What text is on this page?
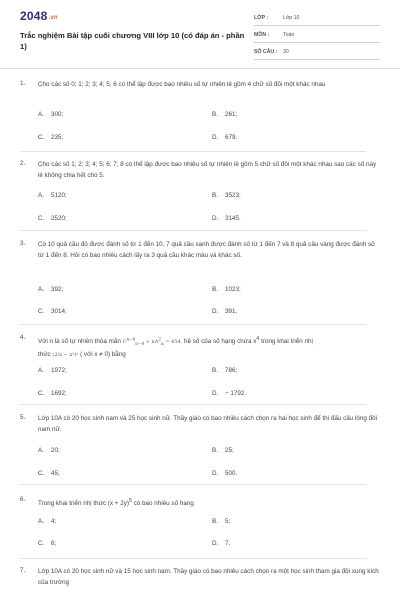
2048.vn
Trắc nghiệm Bài tập cuối chương VIII lớp 10 (có đáp án - phần 1)
LỚP :	Lớp 10
MÔN :	Toán
SỐ CÂU : 30
1. Cho các số 0; 1; 2; 3; 4; 5; 6 có thể lập được bao nhiêu số tự nhiên lẻ gồm 4 chữ số đôi một khác nhau
A. 300;	B. 261;
C. 235;	D. 679.
2. Cho các số 1; 2; 3; 4; 5; 6; 7; 8 có thể lập được bao nhiêu số tự nhiên lẻ gồm 5 chữ số đôi một khác nhau sao các số này lẻ không chia hết cho 5.
A. 5120;	B. 3523;
C. 2520;	D. 3145.
3. Có 10 quả cầu đỏ được đánh số từ 1 đến 10, 7 quả cầu xanh được đánh số từ 1 đến 7 và 8 quả cầu vàng được đánh số từ 1 đến 8. Hỏi có bao nhiêu cách lấy ra 3 quả cầu khác màu và khác số.
A. 392;	B. 1023;
C. 3014;	D. 391.
4.
Với n là số tự nhiên thỏa mãn $C^{n-6}_{n-4} + nA^2_n = 454$, hệ số của số hạng chứa $x^4$ trong khai triển nhị
thức (2/x − x³)ⁿ ( với x ≠ 0) bằng
A. 1972;	B. 786;
C. 1692;	D. − 1792.
5. Lớp 10A có 20 học sinh nam và 25 học sinh nữ. Thầy giáo có bao nhiêu cách chọn ra hai học sinh để thi đấu cầu lông đôi nam nữ.
A. 20;	B. 25;
C. 45;	D. 500.
6.
Trong khai triển nhị thức $(x + 2y)^5$ có bao nhiêu số hạng
A. 4;	B. 5;
C. 6;	D. 7.
7. Lớp 10A có 20 học sinh nữ và 15 học sinh nam. Thầy giáo có bao nhiêu cách chọn ra một học sinh tham gia đội xung kích của trường
